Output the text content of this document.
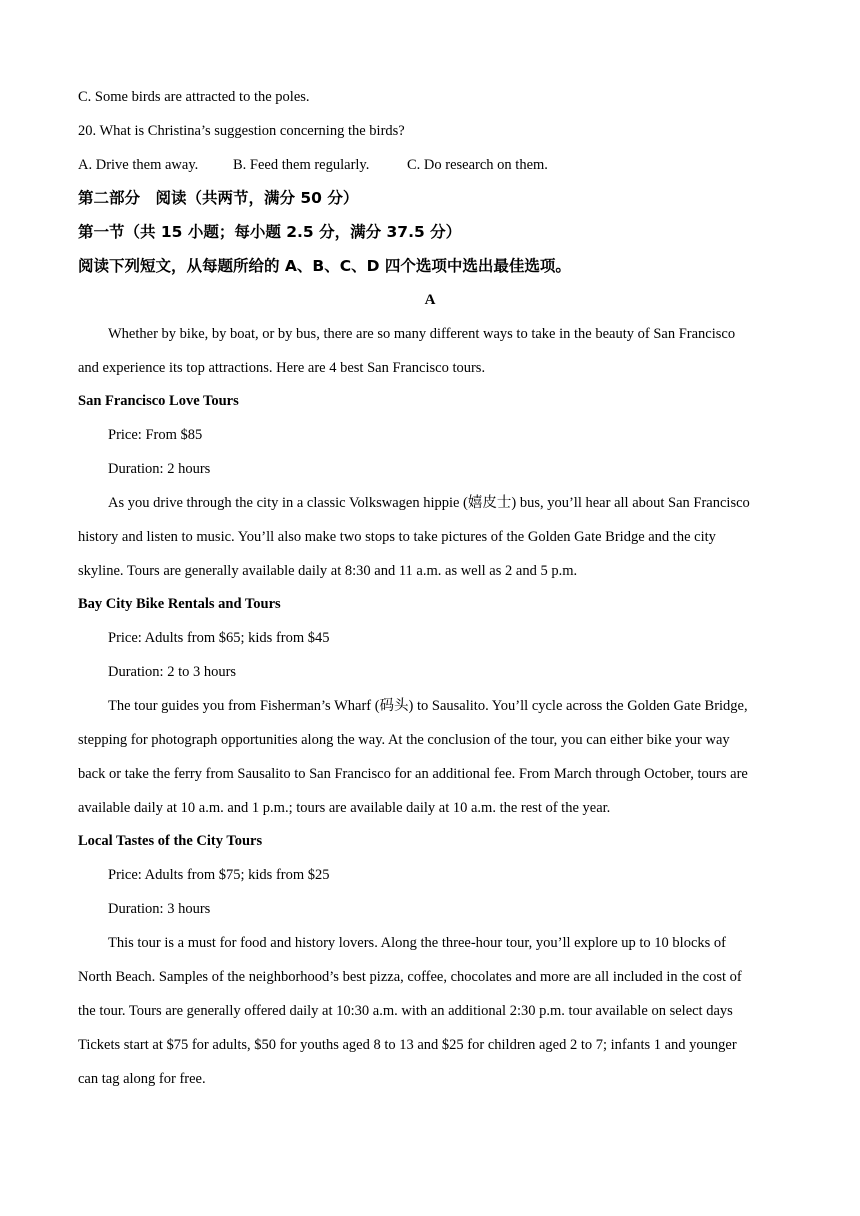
C. Some birds are attracted to the poles.
20. What is Christina’s suggestion concerning the birds?
A. Drive them away. B. Feed them regularly.	C. Do research on them.
第二部分　阅读（共两节，满分 50 分）
第一节（共 15 小题；每小题 2.5 分，满分 37.5 分）
阅读下列短文，从每题所给的 A、B、C、D 四个选项中选出最佳选项。
A
Whether by bike, by boat, or by bus, there are so many different ways to take in the beauty of San Francisco
and experience its top attractions. Here are 4 best San Francisco tours.
San Francisco Love Tours
Price: From $85
Duration: 2 hours
As you drive through the city in a classic Volkswagen hippie (嬉皮士) bus, you’ll hear all about San Francisco
history and listen to music. You’ll also make two stops to take pictures of the Golden Gate Bridge and the city
skyline. Tours are generally available daily at 8:30 and 11 a.m. as well as 2 and 5 p.m.
Bay City Bike Rentals and Tours
Price: Adults from $65; kids from $45
Duration: 2 to 3 hours
The tour guides you from Fisherman’s Wharf (码头) to Sausalito. You’ll cycle across the Golden Gate Bridge,
stepping for photograph opportunities along the way. At the conclusion of the tour, you can either bike your way
back or take the ferry from Sausalito to San Francisco for an additional fee. From March through October, tours are
available daily at 10 a.m. and 1 p.m.; tours are available daily at 10 a.m. the rest of the year.
Local Tastes of the City Tours
Price: Adults from $75; kids from $25
Duration: 3 hours
This tour is a must for food and history lovers. Along the three-hour tour, you’ll explore up to 10 blocks of
North Beach. Samples of the neighborhood’s best pizza, coffee, chocolates and more are all included in the cost of
the tour. Tours are generally offered daily at 10:30 a.m. with an additional 2:30 p.m. tour available on select days
Tickets start at $75 for adults, $50 for youths aged 8 to 13 and $25 for children aged 2 to 7; infants 1 and younger
can tag along for free.
